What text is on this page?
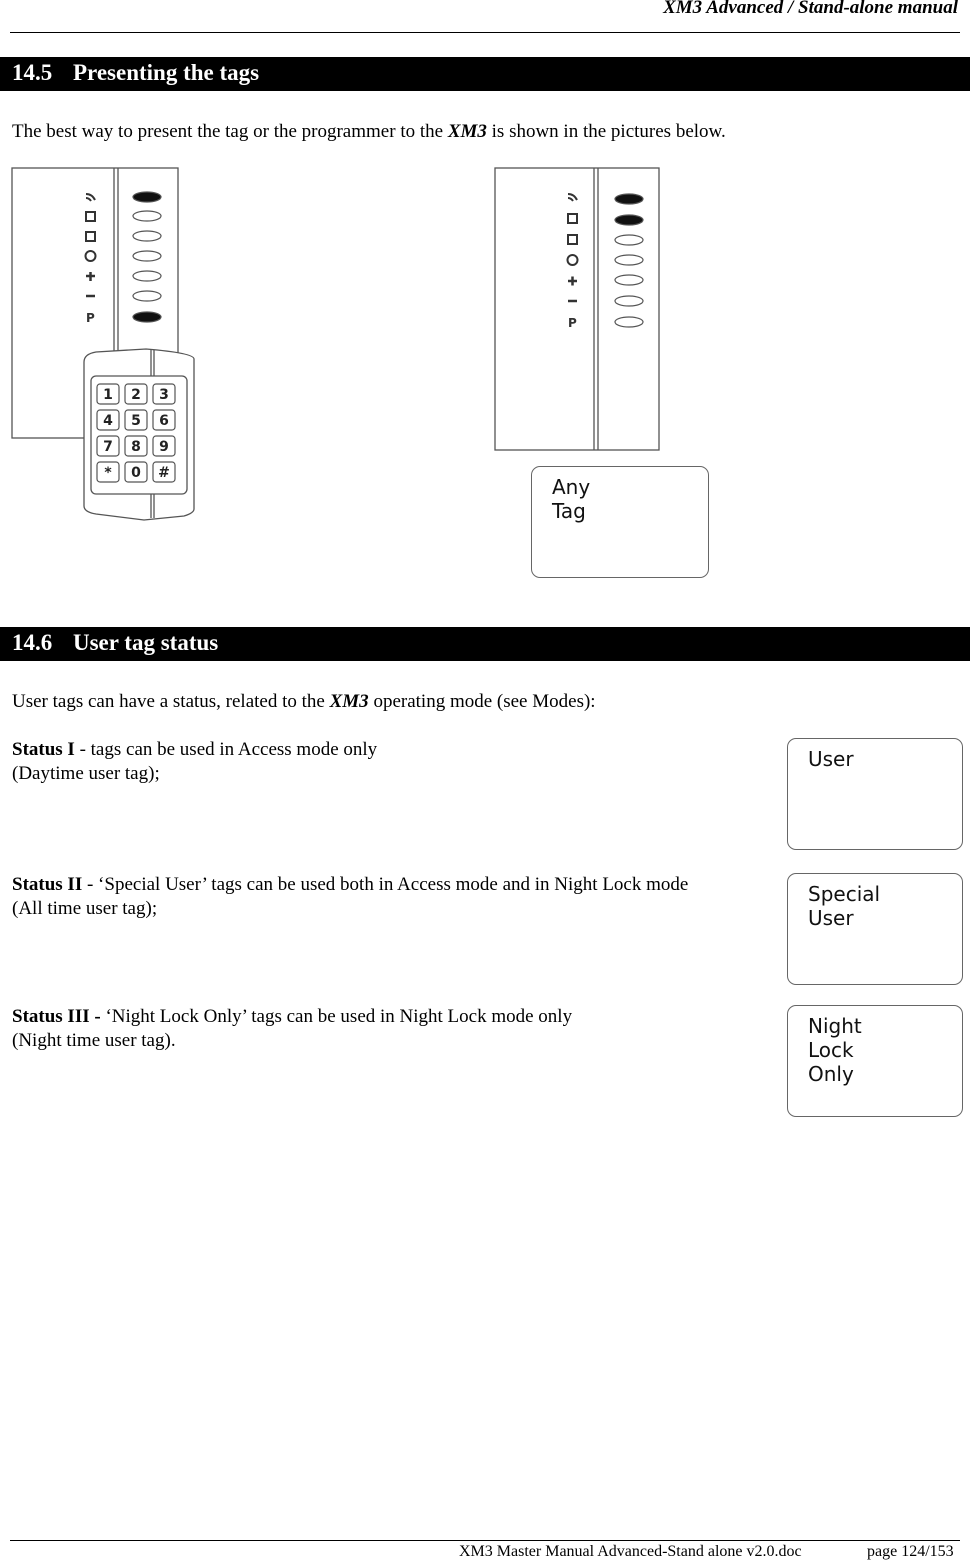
XM3 Advanced / Stand-alone manual
14.5 Presenting the tags
The best way to present the tag or the programmer to the XM3 is shown in the pictures below.
P
1 2 3
4 5 6
7 8 9
* 0 #
P
Any
Tag
14.6 User tag status
User tags can have a status, related to the XM3 operating mode (see Modes):
Status I - tags can be used in Access mode only
(Daytime user tag);
User
Status II - ‘Special User’ tags can be used both in Access mode and in Night Lock mode
(All time user tag);
Special
User
Status III - ‘Night Lock Only’ tags can be used in Night Lock mode only
(Night time user tag).
Night
Lock
Only
XM3 Master Manual Advanced-Stand alone v2.0.doc	page 124/153
